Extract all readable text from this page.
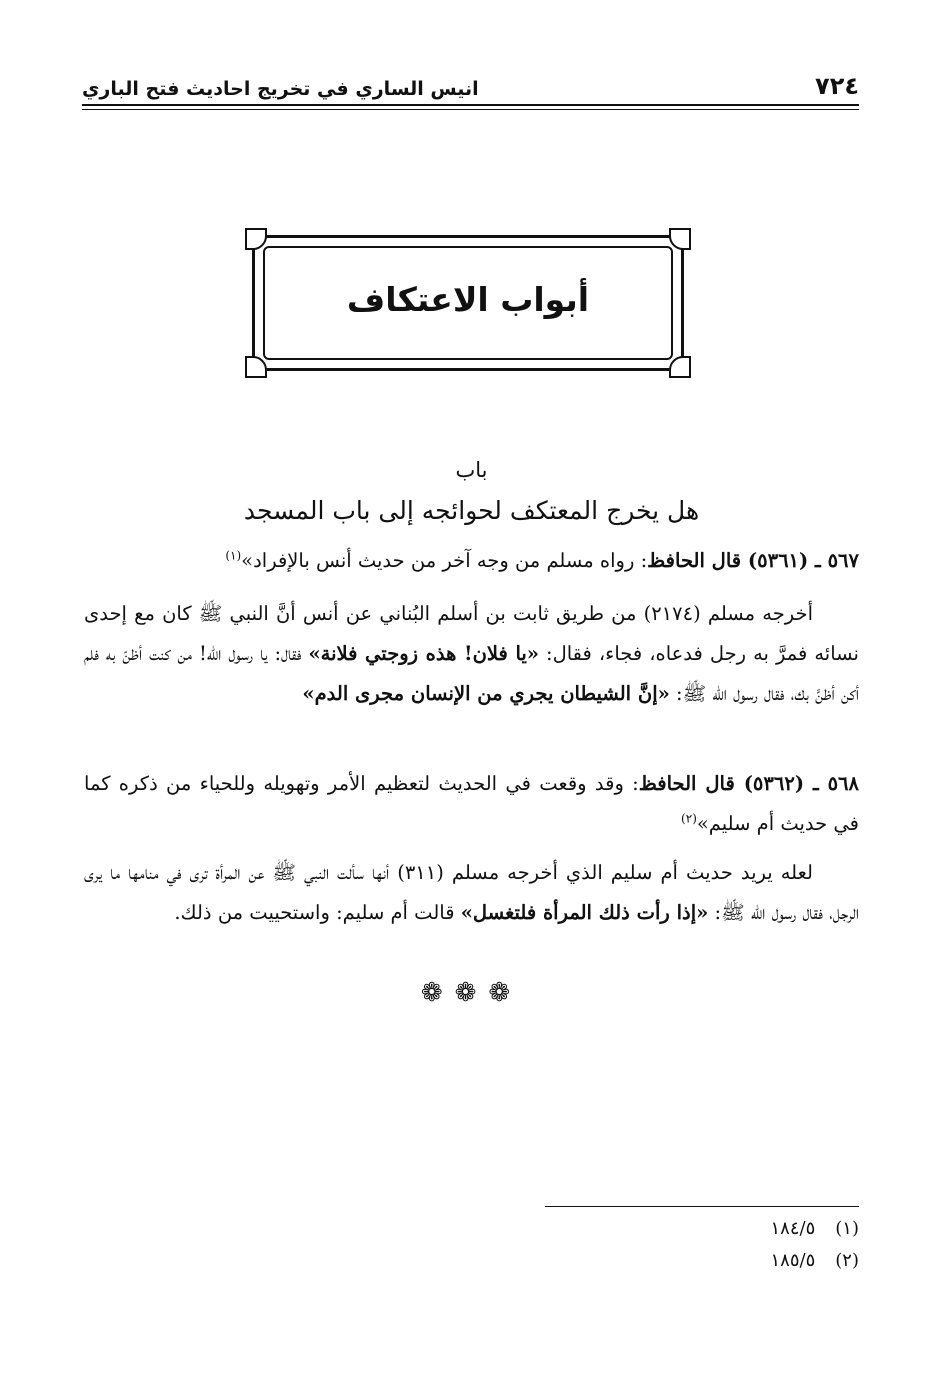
٧٢٤
انيس الساري في تخريج احاديث فتح الباري
أبواب الاعتكاف
باب
هل يخرج المعتكف لحوائجه إلى باب المسجد
٥٦٧ ـ (٥٣٦١) قال الحافظ: رواه مسلم من وجه آخر من حديث أنس بالإفراد»$^{(١)}$
أخرجه مسلم (٢١٧٤) من طريق ثابت بن أسلم البُناني عن أنس أنَّ النبي ﷺ كان مع إحدى نسائه فمرَّ به رجل فدعاه، فجاء، فقال: «يا فلان! هذه زوجتي فلانة» فقال: يا رسول الله! من كنت أظنّ به فلم أكن أظنَّ بك، فقال رسول الله ﷺ: «إنَّ الشيطان يجري من الإنسان مجرى الدم»
٥٦٨ ـ (٥٣٦٢) قال الحافظ: وقد وقعت في الحديث لتعظيم الأمر وتهويله وللحياء من ذكره كما في حديث أم سليم»$^{(٢)}$
لعله يريد حديث أم سليم الذي أخرجه مسلم (٣١١) أنها سألت النبي ﷺ عن المرأة ترى في منامها ما يرى الرجل، فقال رسول الله ﷺ: «إذا رأت ذلك المرأة فلتغسل» قالت أم سليم: واستحييت من ذلك.
❁❁❁
(١)١٨٤/٥
(٢)١٨٥/٥
